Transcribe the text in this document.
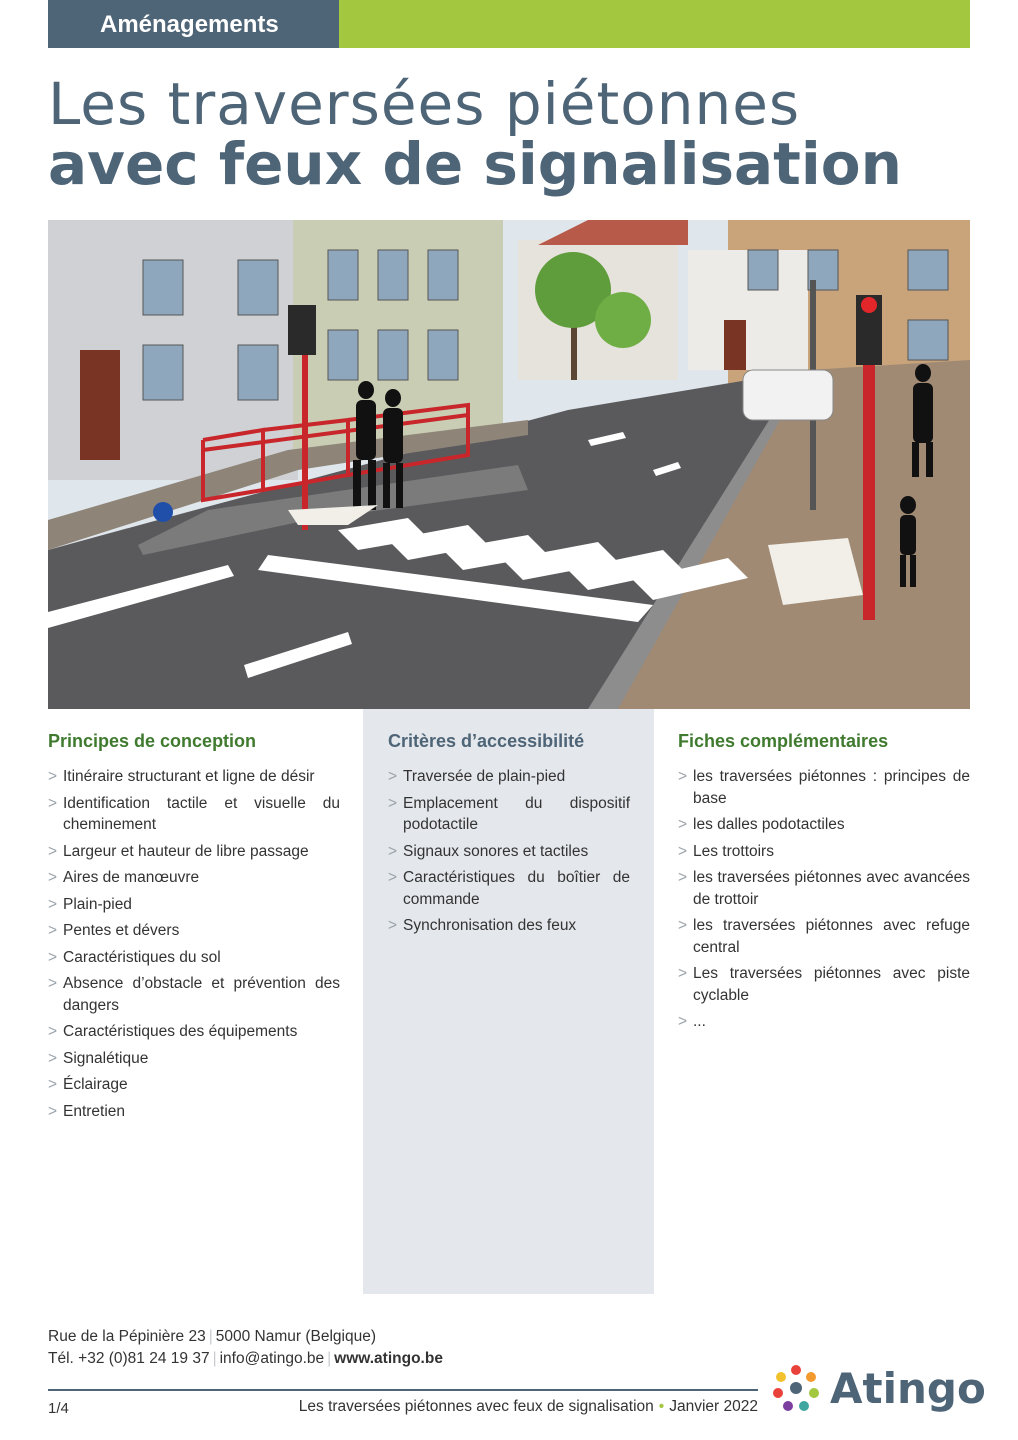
Aménagements
Les traversées piétonnes
avec feux de signalisation
Principes de conception
> Itinéraire structurant et ligne de désir
> Identification tactile et visuelle du cheminement
> Largeur et hauteur de libre passage
> Aires de manœuvre
> Plain-pied
> Pentes et dévers
> Caractéristiques du sol
> Absence d’obstacle et prévention des dangers
> Caractéristiques des équipements
> Signalétique
> Éclairage
> Entretien
Critères d’accessibilité
> Traversée de plain-pied
> Emplacement du dispositif podotactile
> Signaux sonores et tactiles
> Caractéristiques du boîtier de commande
> Synchronisation des feux
Fiches complémentaires
> les traversées piétonnes : principes de base
> les dalles podotactiles
> Les trottoirs
> les traversées piétonnes avec avancées de trottoir
> les traversées piétonnes avec refuge central
> Les traversées piétonnes avec piste cyclable
> ...
Rue de la Pépinière 23 | 5000 Namur (Belgique)
Tél. +32 (0)81 24 19 37 | info@atingo.be | www.atingo.be
1/4	Les traversées piétonnes avec feux de signalisation • Janvier 2022 Atingo
